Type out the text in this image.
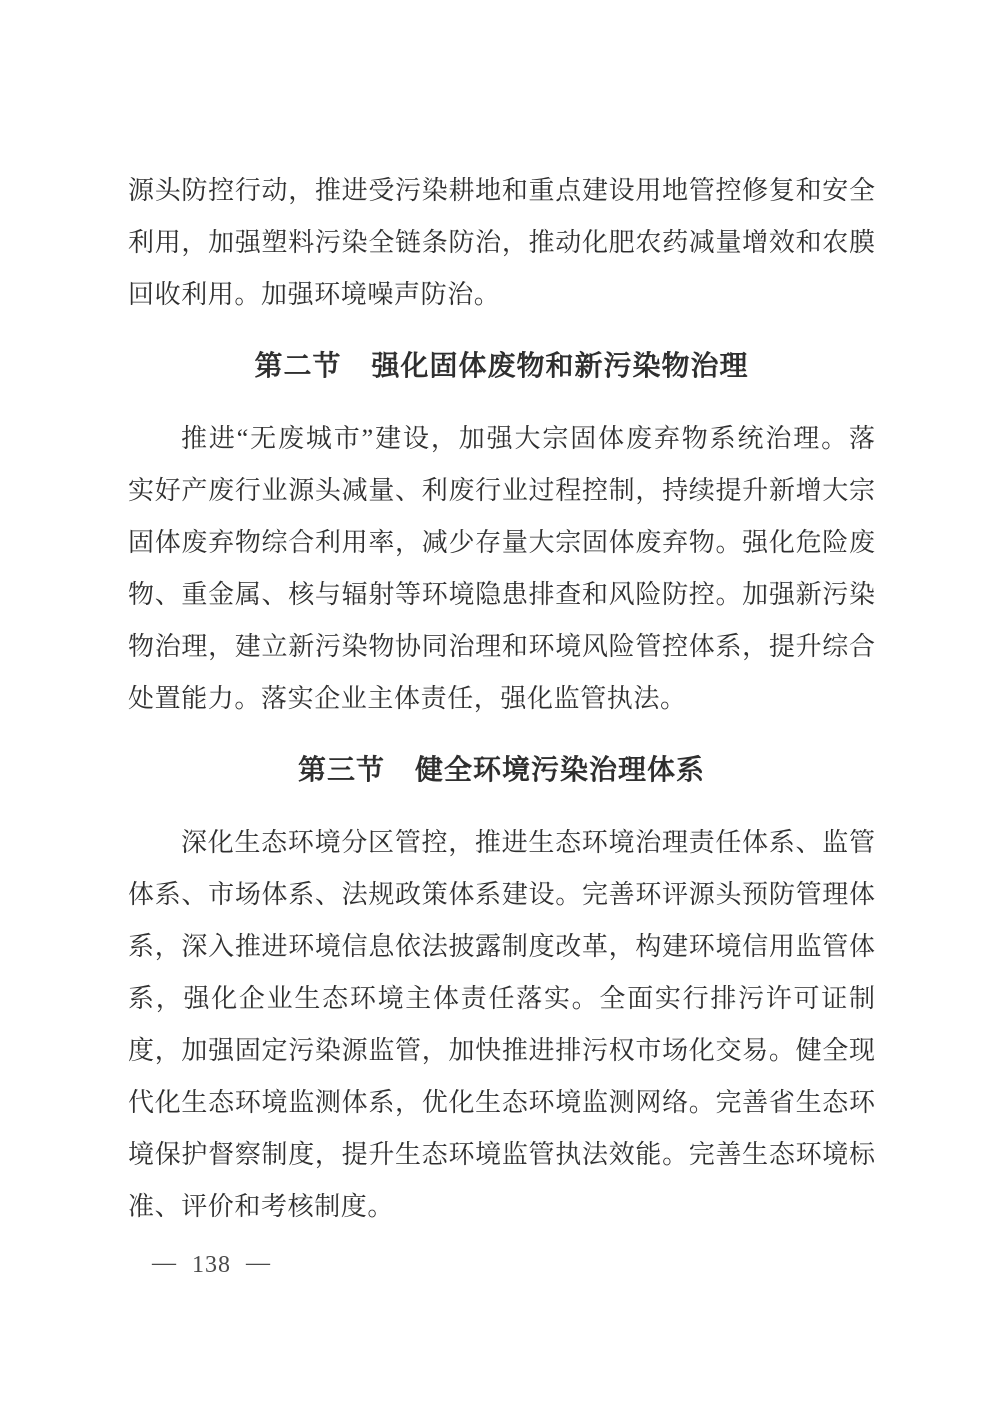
源头防控行动，推进受污染耕地和重点建设用地管控修复和安全
利用，加强塑料污染全链条防治，推动化肥农药减量增效和农膜
回收利用。加强环境噪声防治。
第二节 强化固体废物和新污染物治理
推进“无废城市”建设，加强大宗固体废弃物系统治理。落
实好产废行业源头减量、利废行业过程控制，持续提升新增大宗
固体废弃物综合利用率，减少存量大宗固体废弃物。强化危险废
物、重金属、核与辐射等环境隐患排查和风险防控。加强新污染
物治理，建立新污染物协同治理和环境风险管控体系，提升综合
处置能力。落实企业主体责任，强化监管执法。
第三节 健全环境污染治理体系
深化生态环境分区管控，推进生态环境治理责任体系、监管
体系、市场体系、法规政策体系建设。完善环评源头预防管理体
系，深入推进环境信息依法披露制度改革，构建环境信用监管体
系，强化企业生态环境主体责任落实。全面实行排污许可证制
度，加强固定污染源监管，加快推进排污权市场化交易。健全现
代化生态环境监测体系，优化生态环境监测网络。完善省生态环
境保护督察制度，提升生态环境监管执法效能。完善生态环境标
准、评价和考核制度。
— 138 —
